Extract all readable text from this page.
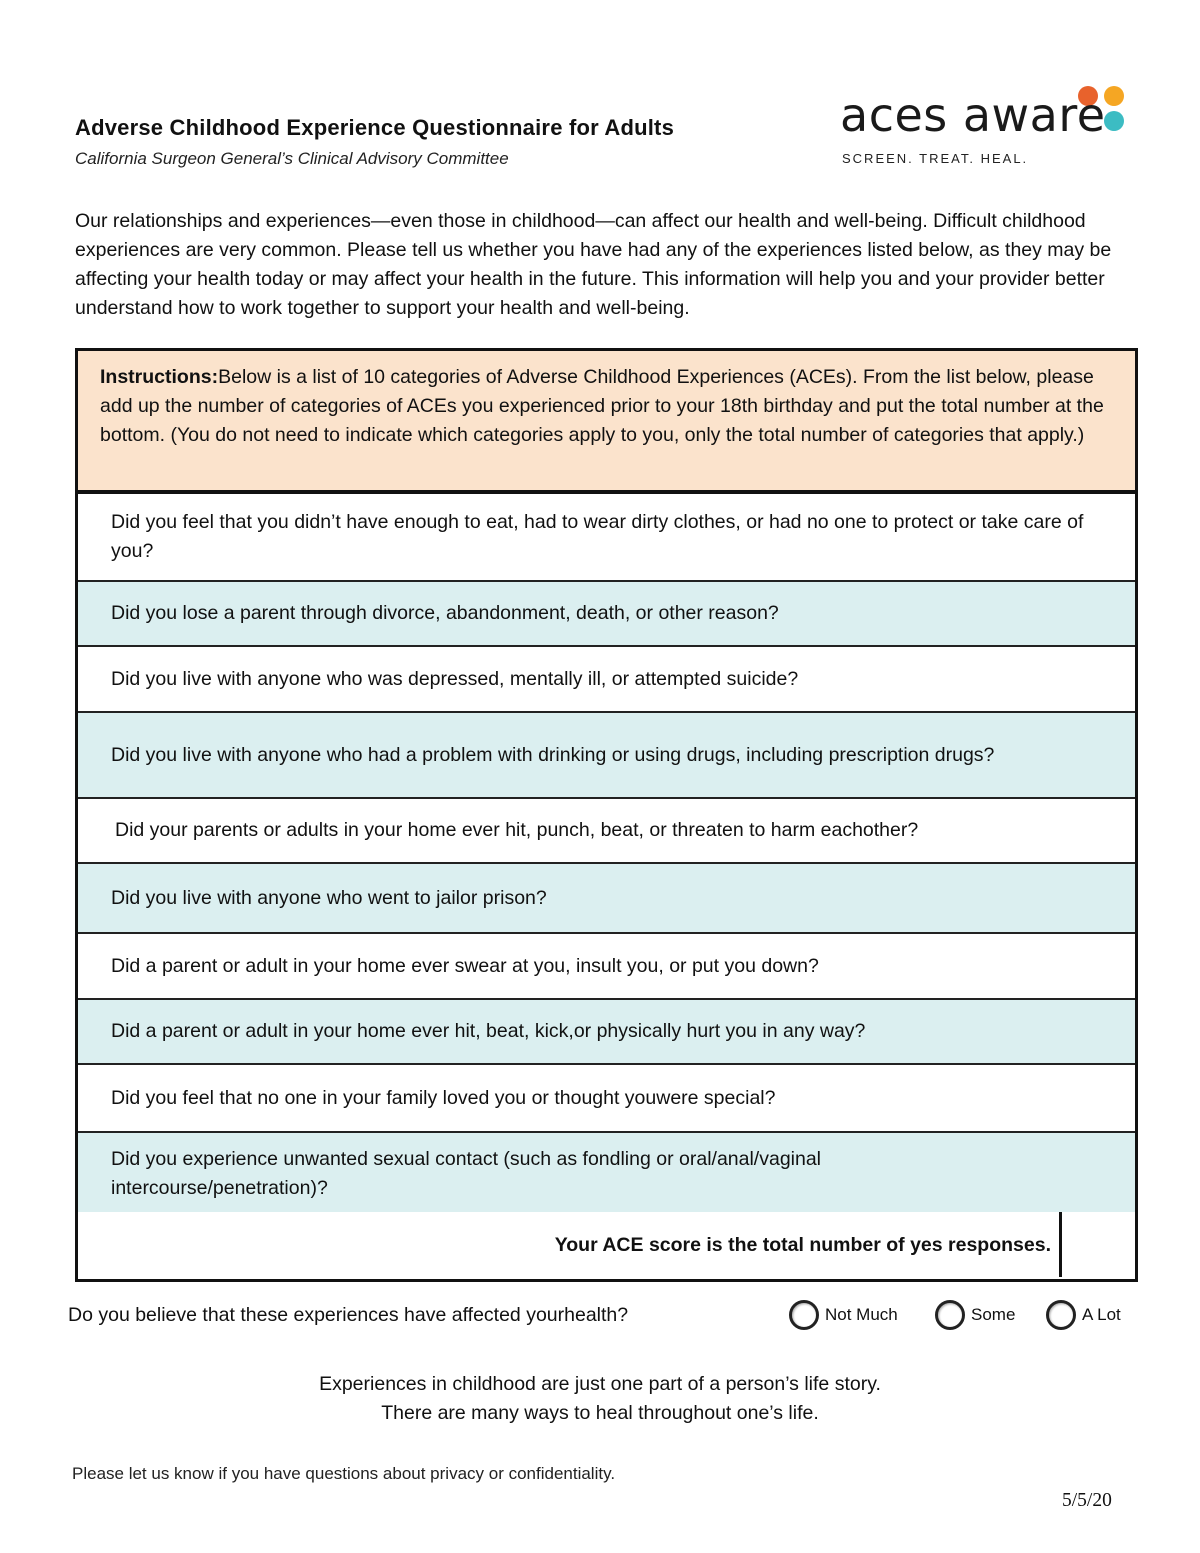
Adverse Childhood Experience Questionnaire for Adults
California Surgeon General’s Clinical Advisory Committee
aces aware
SCREEN. TREAT. HEAL.
Our relationships and experiences—even those in childhood—can affect our health and well-being. Difficult childhood experiences are very common. Please tell us whether you have had any of the experiences listed below, as they may be affecting your health today or may affect your health in the future. This information will help you and your provider better understand how to work together to support your health and well-being.
Instructions:Below is a list of 10 categories of Adverse Childhood Experiences (ACEs). From the list below, please add up the number of categories of ACEs you experienced prior to your 18th birthday and put the total number at the bottom. (You do not need to indicate which categories apply to you, only the total number of categories that apply.)
Did you feel that you didn’t have enough to eat, had to wear dirty clothes, or had no one to protect or take care of you?
Did you lose a parent through divorce, abandonment, death, or other reason?
Did you live with anyone who was depressed, mentally ill, or attempted suicide?
Did you live with anyone who had a problem with drinking or using drugs, including prescription drugs?
Did your parents or adults in your home ever hit, punch, beat, or threaten to harm eachother?
Did you live with anyone who went to jailor prison?
Did a parent or adult in your home ever swear at you, insult you, or put you down?
Did a parent or adult in your home ever hit, beat, kick,or physically hurt you in any way?
Did you feel that no one in your family loved you or thought youwere special?
Did you experience unwanted sexual contact (such as fondling or oral/anal/vaginal intercourse/penetration)?
Your ACE score is the total number of yes responses.
Do you believe that these experiences have affected yourhealth?	Not Much	Some	A Lot
Experiences in childhood are just one part of a person’s life story.
There are many ways to heal throughout one’s life.
Please let us know if you have questions about privacy or confidentiality.
5/5/20
